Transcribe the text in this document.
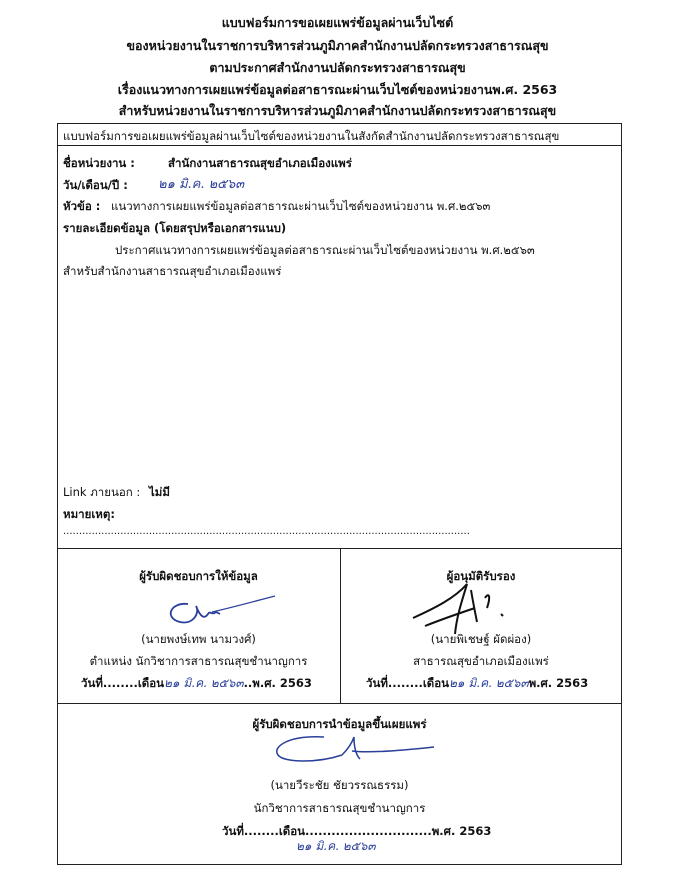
แบบฟอร์มการขอเผยแพร่ข้อมูลผ่านเว็บไซต์
ของหน่วยงานในราชการบริหารส่วนภูมิภาคสำนักงานปลัดกระทรวงสาธารณสุข
ตามประกาศสำนักงานปลัดกระทรวงสาธารณสุข
เรื่องแนวทางการเผยแพร่ข้อมูลต่อสาธารณะผ่านเว็บไซต์ของหน่วยงานพ.ศ. 2563
สำหรับหน่วยงานในราชการบริหารส่วนภูมิภาคสำนักงานปลัดกระทรวงสาธารณสุข
แบบฟอร์มการขอเผยแพร่ข้อมูลผ่านเว็บไซต์ของหน่วยงานในสังกัดสำนักงานปลัดกระทรวงสาธารณสุข
ชื่อหน่วยงาน :	สำนักงานสาธารณสุขอำเภอเมืองแพร่
วัน/เดือน/ปี : ๒๑ มิ.ค. ๒๕๖๓
หัวข้อ : แนวทางการเผยแพร่ข้อมูลต่อสาธารณะผ่านเว็บไซต์ของหน่วยงาน พ.ศ.๒๕๖๓
รายละเอียดข้อมูล (โดยสรุปหรือเอกสารแนบ)
ประกาศแนวทางการเผยแพร่ข้อมูลต่อสาธารณะผ่านเว็บไซต์ของหน่วยงาน พ.ศ.๒๕๖๓
สำหรับสำนักงานสาธารณสุขอำเภอเมืองแพร่
Link ภายนอก : ไม่มี
หมายเหตุ:
................................................................................................................................
ผู้รับผิดชอบการให้ข้อมูล
(นายพงษ์เทพ นามวงศ์)
ตำแหน่ง นักวิชาการสาธารณสุขชำนาญการ
วันที่........เดือน๒๑ มิ.ค. ๒๕๖๓..พ.ศ. 2563
ผู้อนุมัติรับรอง
(นายพิเชษฐ์ ผัดผ่อง)
สาธารณสุขอำเภอเมืองแพร่
วันที่........เดือน๒๑ มิ.ค. ๒๕๖๓พ.ศ. 2563
ผู้รับผิดชอบการนำข้อมูลขึ้นเผยแพร่
(นายวีระชัย ชัยวรรณธรรม)
นักวิชาการสาธารณสุขชำนาญการ
วันที่........เดือน.............................พ.ศ. 2563
๒๑ มิ.ค. ๒๕๖๓
